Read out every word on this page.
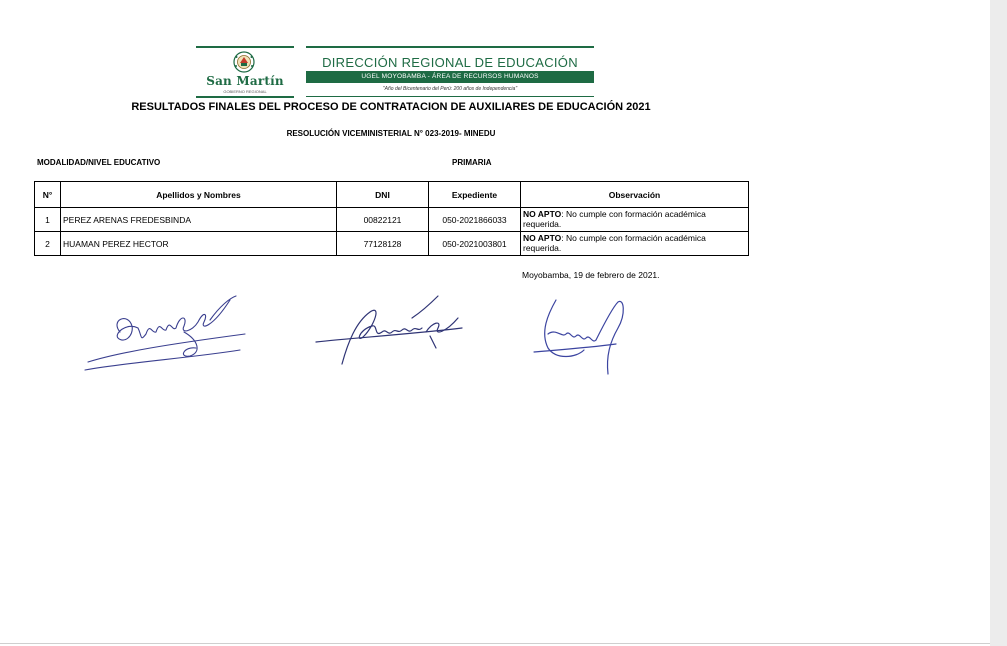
San Martín
GOBIERNO REGIONAL
DIRECCIÓN REGIONAL DE EDUCACIÓN
UGEL MOYOBAMBA - ÁREA DE RECURSOS HUMANOS
"Año del Bicentenario del Perú: 200 años de Independencia"
RESULTADOS FINALES DEL PROCESO DE CONTRATACION DE AUXILIARES DE EDUCACIÓN 2021
RESOLUCIÓN VICEMINISTERIAL N° 023-2019- MINEDU
MODALIDAD/NIVEL EDUCATIVO	PRIMARIA
N°	Apellidos y Nombres	DNI	Expediente	Observación
1	PEREZ ARENAS FREDESBINDA	00822121	050-2021866033	NO APTO: No cumple con formación académica requerida.
2	HUAMAN PEREZ HECTOR	77128128	050-2021003801	NO APTO: No cumple con formación académica requerida.
Moyobamba, 19 de febrero de 2021.
